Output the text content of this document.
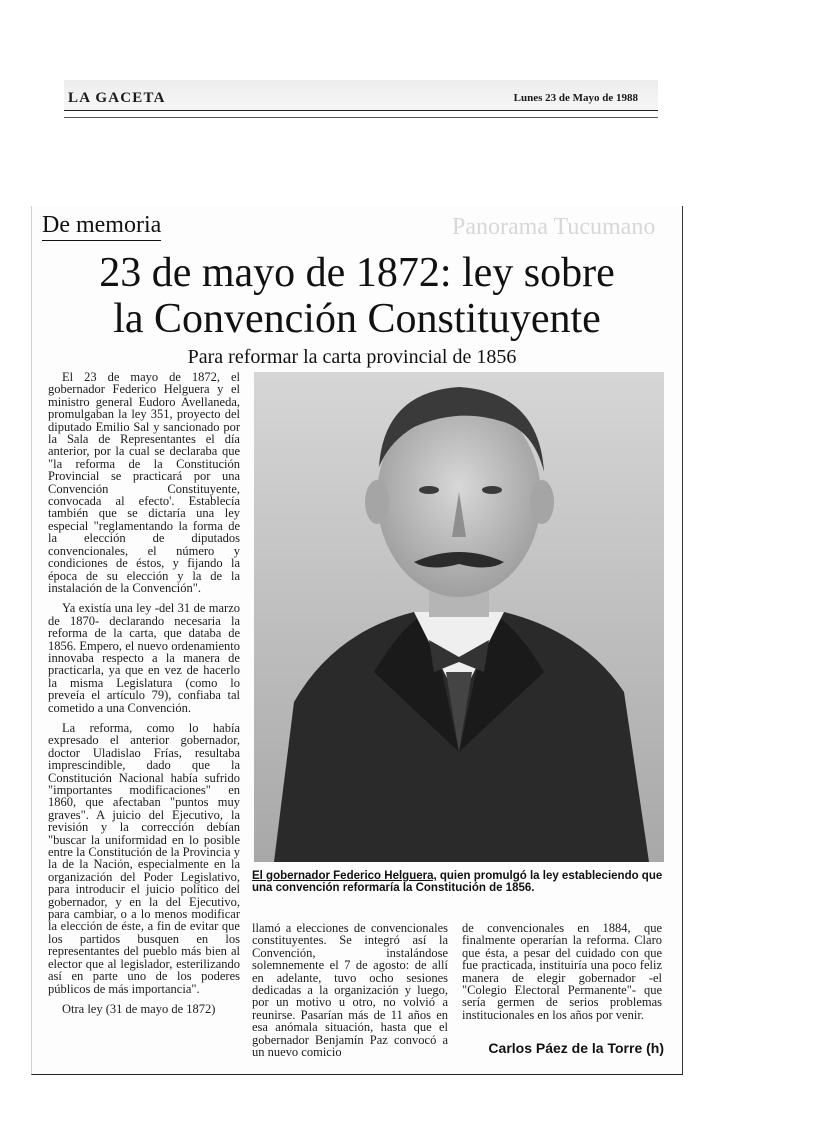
LA GACETA	Lunes 23 de Mayo de 1988
Panorama Tucumano
De memoria
23 de mayo de 1872: ley sobre
la Convención Constituyente
Para reformar la carta provincial de 1856

El 23 de mayo de 1872, el gobernador Federico Helguera y el ministro general Eudoro Avellaneda, promulgaban la ley 351, proyecto del diputado Emilio Sal y sancionado por la Sala de Representantes el día anterior, por la cual se declaraba que "la reforma de la Constitución Provincial se practicará por una Convención Constituyente, convocada al efecto'. Establecía también que se dictaría una ley especial "reglamentando la forma de la elección de diputados convencionales, el número y condiciones de éstos, y fijando la época de su elección y la de la instalación de la Convención".

Ya existía una ley -del 31 de marzo de 1870- declarando necesaria la reforma de la carta, que databa de 1856. Empero, el nuevo ordenamiento innovaba respecto a la manera de practicarla, ya que en vez de hacerlo la misma Legislatura (como lo preveía el artículo 79), confiaba tal cometido a una Convención.

La reforma, como lo había expresado el anterior gobernador, doctor Uladislao Frías, resultaba imprescindible, dado que la Constitución Nacional había sufrido "importantes modificaciones" en 1860, que afectaban "puntos muy graves". A juicio del Ejecutivo, la revisión y la corrección debían "buscar la uniformidad en lo posible entre la Constitución de la Provincia y la de la Nación, especialmente en la organización del Poder Legislativo, para introducir el juicio político del gobernador, y en la del Ejecutivo, para cambiar, o a lo menos modificar la elección de éste, a fin de evitar que los partidos busquen en los representantes del pueblo más bien al elector que al legislador, esterilizando así en parte uno de los poderes públicos de más importancia".

Otra ley (31 de mayo de 1872)

El gobernador Federico Helguera, quien promulgó la ley estableciendo que una convención reformaría la Constitución de 1856.

llamó a elecciones de convencionales constituyentes. Se integró así la Convención, instalándose solemnemente el 7 de agosto: de allí en adelante, tuvo ocho sesiones dedicadas a la organización y luego, por un motivo u otro, no volvió a reunirse. Pasarían más de 11 años en esa anómala situación, hasta que el gobernador Benjamín Paz convocó a un nuevo comicio

de convencionales en 1884, que finalmente operarían la reforma. Claro que ésta, a pesar del cuidado con que fue practicada, instituiría una poco feliz manera de elegir gobernador -el "Colegio Electoral Permanente"- que sería germen de serios problemas institucionales en los años por venir.

Carlos Páez de la Torre (h)
